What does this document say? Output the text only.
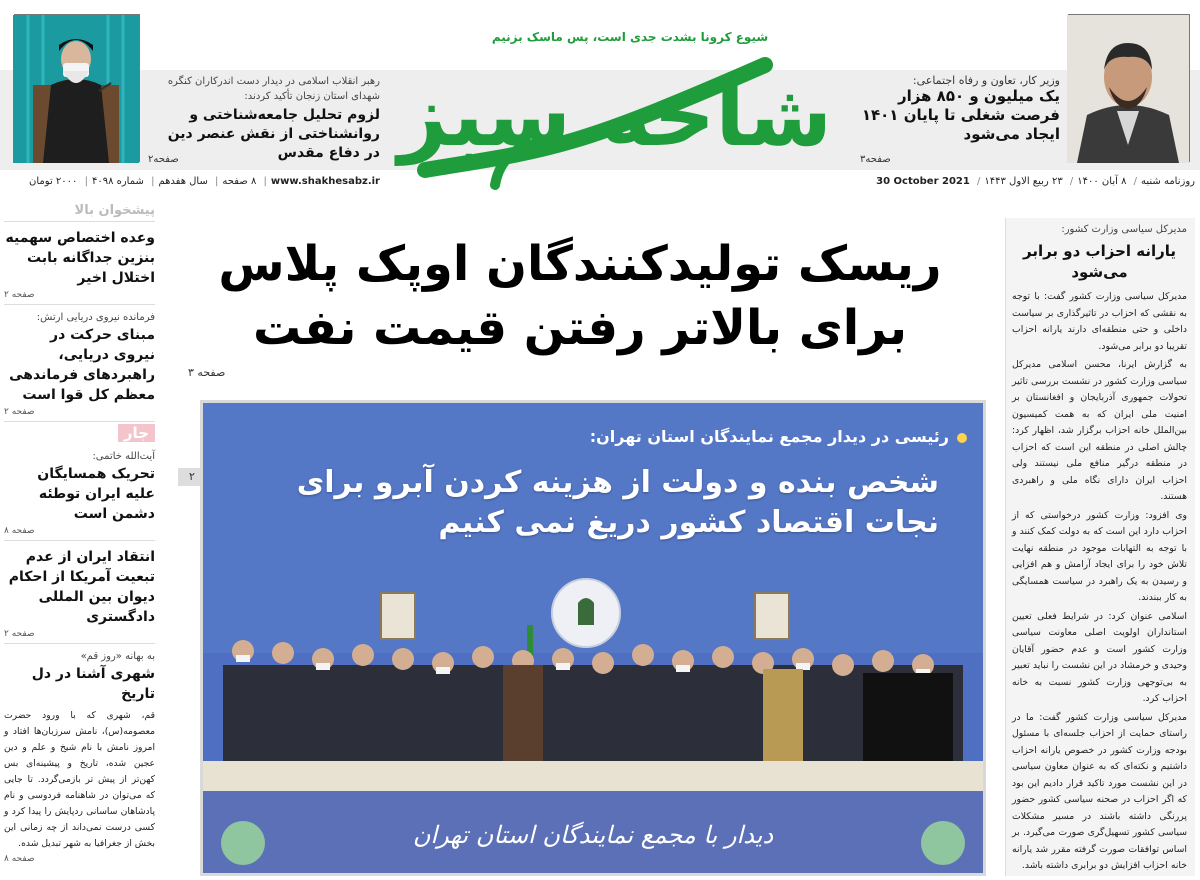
شیوع کرونا بشدت جدی است، پس ماسک بزنیم
شاخه سبز	وزیر کار، تعاون و رفاه اجتماعی:
یک میلیون و ۸۵۰ هزار فرصت شغلی تا پایان ۱۴۰۱ ایجاد می‌شود
صفحه۳
رهبر انقلاب اسلامی در دیدار دست اندرکاران کنگره شهدای استان زنجان تأکید کردند:
لزوم تحلیل جامعه‌شناختی و روانشناختی از نقش عنصر دین در دفاع مقدس
صفحه۲
روزنامه شنبه/ ۸ آبان ۱۴۰۰/ ۲۳ ربیع الاول ۱۴۴۳/ 30 October 2021
www.shakhesabz.ir| ۸ صفحه| سال هفدهم| شماره ۴۰۹۸| ۲۰۰۰ تومان
مدیرکل سیاسی وزارت کشور:
یارانه احزاب دو برابر می‌شود

مدیرکل سیاسی وزارت کشور گفت: با توجه به نقشی که احزاب در تاثیرگذاری بر سیاست داخلی و حتی منطقه‌ای دارند یارانه احزاب تقریبا دو برابر می‌شود.

به گزارش ایرنا، محسن اسلامی مدیرکل سیاسی وزارت کشور در نشست بررسی تاثیر تحولات جمهوری آذربایجان و افغانستان بر امنیت ملی ایران که به همت کمیسیون بین‌الملل خانه احزاب برگزار شد، اظهار کرد: چالش اصلی در منطقه این است که احزاب در منطقه درگیر منافع ملی نیستند ولی احزاب ایران دارای نگاه ملی و راهبردی هستند.

وی افزود: وزارت کشور درخواستی که از احزاب دارد این است که به دولت کمک کنند و با توجه به التهابات موجود در منطقه نهایت تلاش خود را برای ایجاد آرامش و هم افزایی و رسیدن به یک راهبرد در سیاست همسایگی به کار ببندند.

اسلامی عنوان کرد: در شرایط فعلی تعیین استانداران اولویت اصلی معاونت سیاسی وزارت کشور است و عدم حضور آقایان وحیدی و خرمشاد در این نشست را نباید تعبیر به بی‌توجهی وزارت کشور نسبت به خانه احزاب کرد.

مدیرکل سیاسی وزارت کشور گفت: ما در راستای حمایت از احزاب جلسه‌ای با مسئول بودجه وزارت کشور در خصوص یارانه احزاب داشتیم و نکته‌ای که به عنوان معاون سیاسی در این نشست مورد تاکید قرار دادیم این بود که اگر احزاب در صحنه سیاسی کشور حضور پررنگی داشته باشند در مسیر مشکلات سیاسی کشور تسهیل‌گری صورت می‌گیرد. بر اساس توافقات صورت گرفته مقرر شد یارانه خانه احزاب افزایش دو برابری داشته باشد.

ریسک تولیدکنندگان اوپک پلاس
برای بالاتر رفتن قیمت نفت
صفحه ۳
۲
دیدار با مجمع نمایندگان استان تهران
رئیسی در دیدار مجمع نمایندگان استان تهران:
شخص بنده و دولت از هزینه کردن آبرو برای نجات اقتصاد کشور دریغ نمی کنیم
پیشخوان بالا
وعده اختصاص سهمیه بنزین جداگانه بابت اختلال اخیر
صفحه ۲
فرمانده نیروی دریایی ارتش:
مبنای حرکت در نیروی دریایی، راهبردهای فرماندهی معظم کل قوا است
صفحه ۲
جار
آیت‌الله خاتمی:
تحریک همسایگان علیه ایران توطئه دشمن است
صفحه ۸
انتقاد ایران از عدم تبعیت آمریکا از احکام دیوان بین المللی دادگستری
صفحه ۲
به بهانه‌ «روز قم»
شهری آشنا در دل تاریخ
قم، شهری که با ورود حضرت معصومه(س)، نامش سرزبان‌ها افتاد و امروز نامش با نام شیخ و علم و دین عجین شده، تاریخ و پیشینه‌ای بس کهن‌تر از پیش تر بازمی‌گردد. تا جایی که می‌توان در شاهنامه فردوسی و نام پادشاهان ساسانی ردپایش را پیدا کرد و کسی درست نمی‌داند از چه زمانی این بخش از جغرافیا به شهر تبدیل شده.
صفحه ۸
